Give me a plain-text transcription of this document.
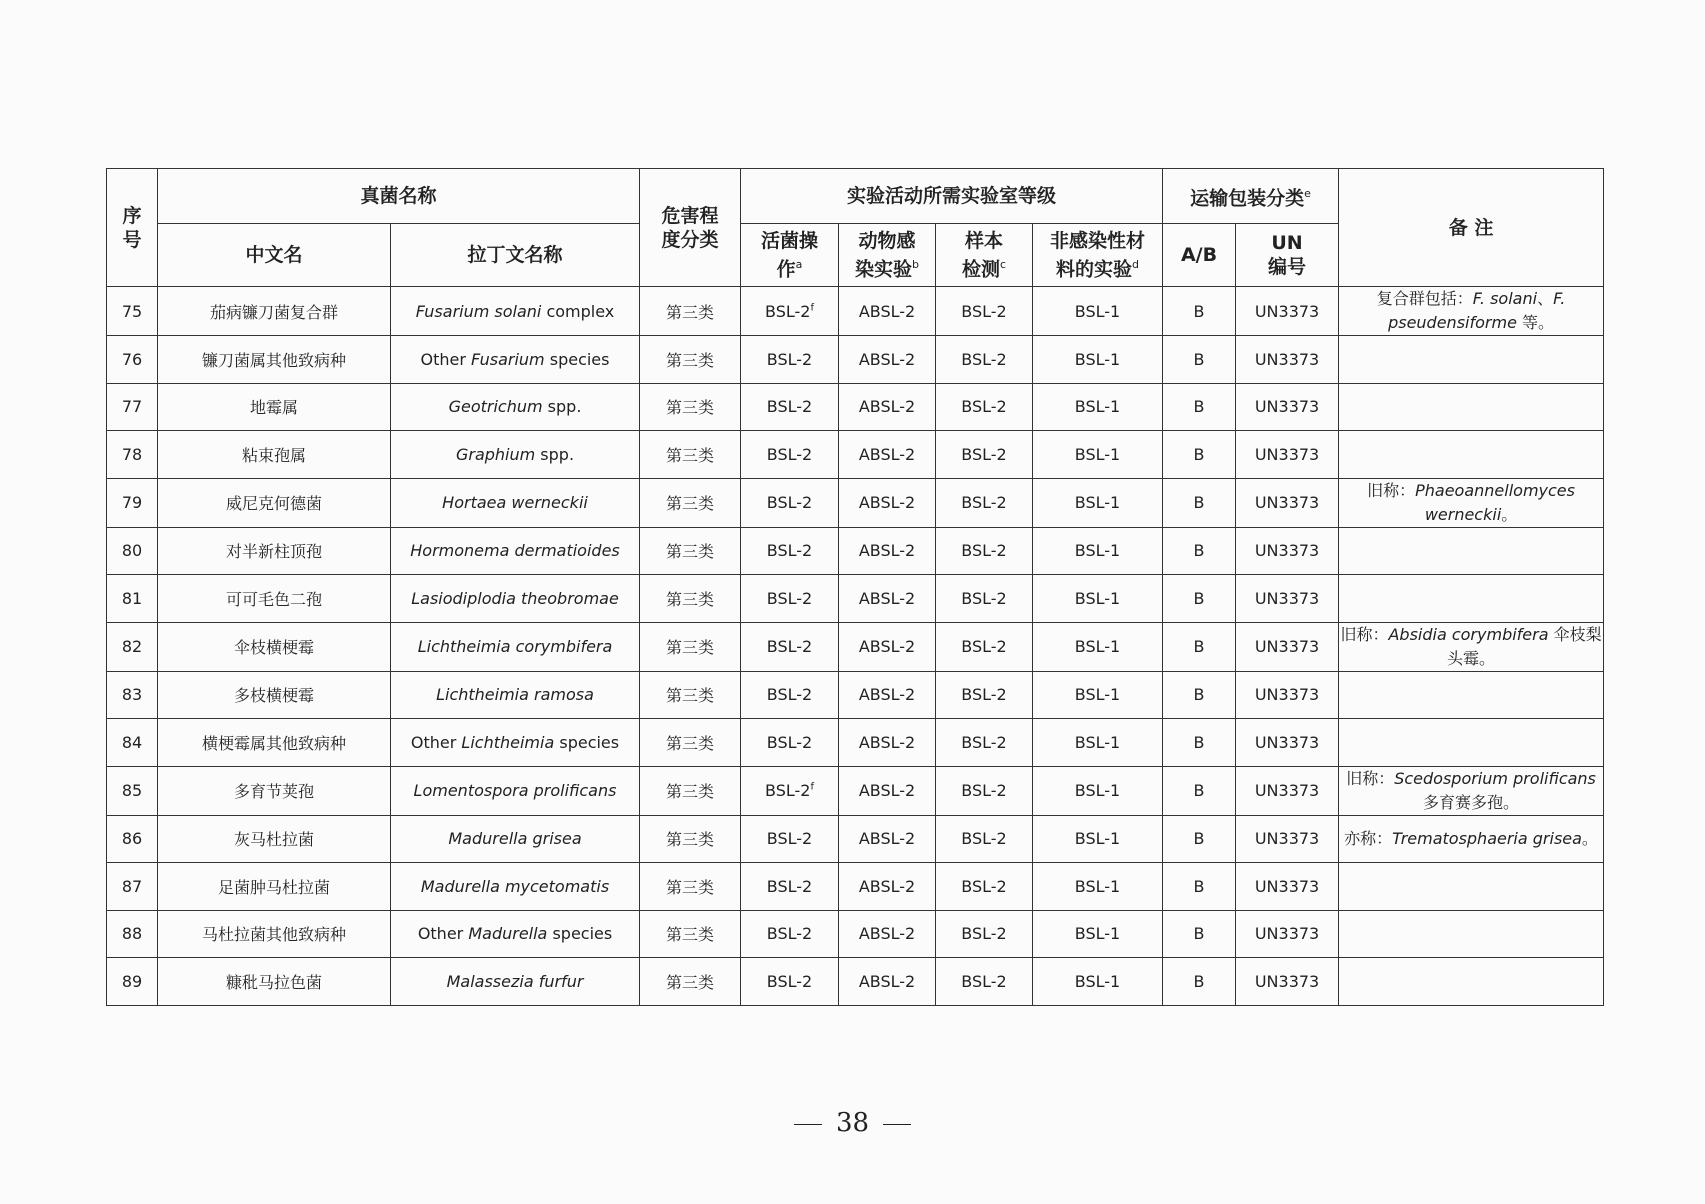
序号	真菌名称		危害程度分类	实验活动所需实验室等级				运输包装分类$^e$		备 注
	中文名	拉丁文名称		活菌操作$^a$	动物感染实验$^b$	样本检测$^c$	非感染性材料的实验$^d$	A/B	UN编号	
75	茄病镰刀菌复合群	Fusarium solani complex	第三类	BSL-2$^f$	ABSL-2	BSL-2	BSL-1	B	UN3373	复合群包括：F. solani、F. pseudensiforme 等。
76	镰刀菌属其他致病种	Other Fusarium species	第三类	BSL-2	ABSL-2	BSL-2	BSL-1	B	UN3373	
77	地霉属	Geotrichum spp.	第三类	BSL-2	ABSL-2	BSL-2	BSL-1	B	UN3373	
78	粘束孢属	Graphium spp.	第三类	BSL-2	ABSL-2	BSL-2	BSL-1	B	UN3373	
79	威尼克何德菌	Hortaea werneckii	第三类	BSL-2	ABSL-2	BSL-2	BSL-1	B	UN3373	旧称：Phaeoannellomyces werneckii。
80	对半新柱顶孢	Hormonema dermatioides	第三类	BSL-2	ABSL-2	BSL-2	BSL-1	B	UN3373	
81	可可毛色二孢	Lasiodiplodia theobromae	第三类	BSL-2	ABSL-2	BSL-2	BSL-1	B	UN3373	
82	伞枝横梗霉	Lichtheimia corymbifera	第三类	BSL-2	ABSL-2	BSL-2	BSL-1	B	UN3373	旧称：Absidia corymbifera 伞枝梨头霉。
83	多枝横梗霉	Lichtheimia ramosa	第三类	BSL-2	ABSL-2	BSL-2	BSL-1	B	UN3373	
84	横梗霉属其他致病种	Other Lichtheimia species	第三类	BSL-2	ABSL-2	BSL-2	BSL-1	B	UN3373	
85	多育节荚孢	Lomentospora prolificans	第三类	BSL-2$^f$	ABSL-2	BSL-2	BSL-1	B	UN3373	旧称：Scedosporium prolificans 多育赛多孢。
86	灰马杜拉菌	Madurella grisea	第三类	BSL-2	ABSL-2	BSL-2	BSL-1	B	UN3373	亦称：Trematosphaeria grisea。
87	足菌肿马杜拉菌	Madurella mycetomatis	第三类	BSL-2	ABSL-2	BSL-2	BSL-1	B	UN3373	
88	马杜拉菌其他致病种	Other Madurella species	第三类	BSL-2	ABSL-2	BSL-2	BSL-1	B	UN3373	
89	糠秕马拉色菌	Malassezia furfur	第三类	BSL-2	ABSL-2	BSL-2	BSL-1	B	UN3373	
38
